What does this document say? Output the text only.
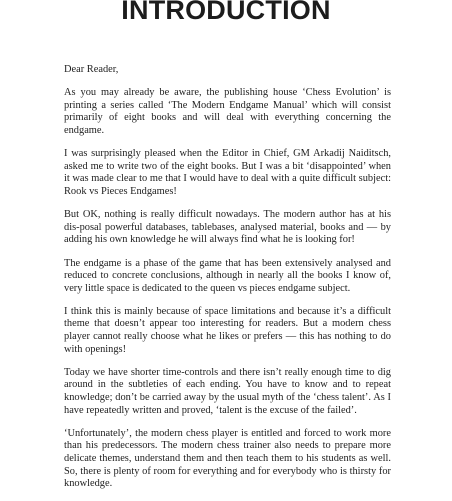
INTRODUCTION

Dear Reader,

As you may already be aware, the publishing house ‘Chess Evolution’ is printing a series called ‘The Modern Endgame Manual’ which will consist primarily of eight books and will deal with everything concerning the endgame.

I was surprisingly pleased when the Editor in Chief, GM Arkadij Naiditsch, asked me to write two of the eight books. But I was a bit ‘disappointed’ when it was made clear to me that I would have to deal with a quite difficult subject: Rook vs Pieces Endgames!

But OK, nothing is really difficult nowadays. The modern author has at his dis-posal powerful databases, tablebases, analysed material, books and — by adding his own knowledge he will always find what he is looking for!

The endgame is a phase of the game that has been extensively analysed and reduced to concrete conclusions, although in nearly all the books I know of, very little space is dedicated to the queen vs pieces endgame subject.

I think this is mainly because of space limitations and because it’s a difficult theme that doesn’t appear too interesting for readers. But a modern chess player cannot really choose what he likes or prefers — this has nothing to do with openings!

Today we have shorter time-controls and there isn’t really enough time to dig around in the subtleties of each ending. You have to know and to repeat knowledge; don’t be carried away by the usual myth of the ‘chess talent’. As I have repeatedly written and proved, ‘talent is the excuse of the failed’.

‘Unfortunately’, the modern chess player is entitled and forced to work more than his predecessors. The modern chess trainer also needs to prepare more delicate themes, understand them and then teach them to his students as well. So, there is plenty of room for everything and for everybody who is thirsty for knowledge.
